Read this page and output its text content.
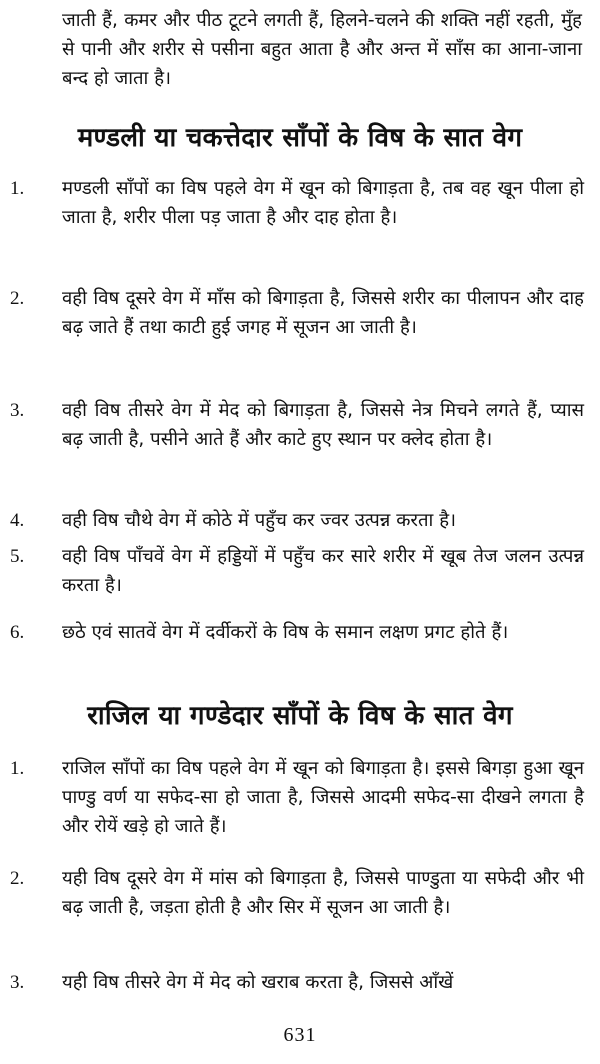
जाती हैं, कमर और पीठ टूटने लगती हैं, हिलने-चलने की शक्ति नहीं रहती, मुँह से पानी और शरीर से पसीना बहुत आता है और अन्त में साँस का आना-जाना बन्द हो जाता है।
मण्डली या चकत्तेदार साँपों के विष के सात वेग
1. मण्डली साँपों का विष पहले वेग में खून को बिगाड़ता है, तब वह खून पीला हो जाता है, शरीर पीला पड़ जाता है और दाह होता है।
2. वही विष दूसरे वेग में माँस को बिगाड़ता है, जिससे शरीर का पीलापन और दाह बढ़ जाते हैं तथा काटी हुई जगह में सूजन आ जाती है।
3. वही विष तीसरे वेग में मेद को बिगाड़ता है, जिससे नेत्र मिचने लगते हैं, प्यास बढ़ जाती है, पसीने आते हैं और काटे हुए स्थान पर क्लेद होता है।
4. वही विष चौथे वेग में कोठे में पहुँच कर ज्वर उत्पन्न करता है।
5. वही विष पाँचवें वेग में हड्डियों में पहुँच कर सारे शरीर में खूब तेज जलन उत्पन्न करता है।
6. छठे एवं सातवें वेग में दर्वीकरों के विष के समान लक्षण प्रगट होते हैं।
राजिल या गण्डेदार साँपों के विष के सात वेग
1. राजिल साँपों का विष पहले वेग में खून को बिगाड़ता है। इससे बिगड़ा हुआ खून पाण्डु वर्ण या सफेद-सा हो जाता है, जिससे आदमी सफेद-सा दीखने लगता है और रोयें खड़े हो जाते हैं।
2. यही विष दूसरे वेग में मांस को बिगाड़ता है, जिससे पाण्डुता या सफेदी और भी बढ़ जाती है, जड़ता होती है और सिर में सूजन आ जाती है।
3. यही विष तीसरे वेग में मेद को खराब करता है, जिससे आँखें
631
